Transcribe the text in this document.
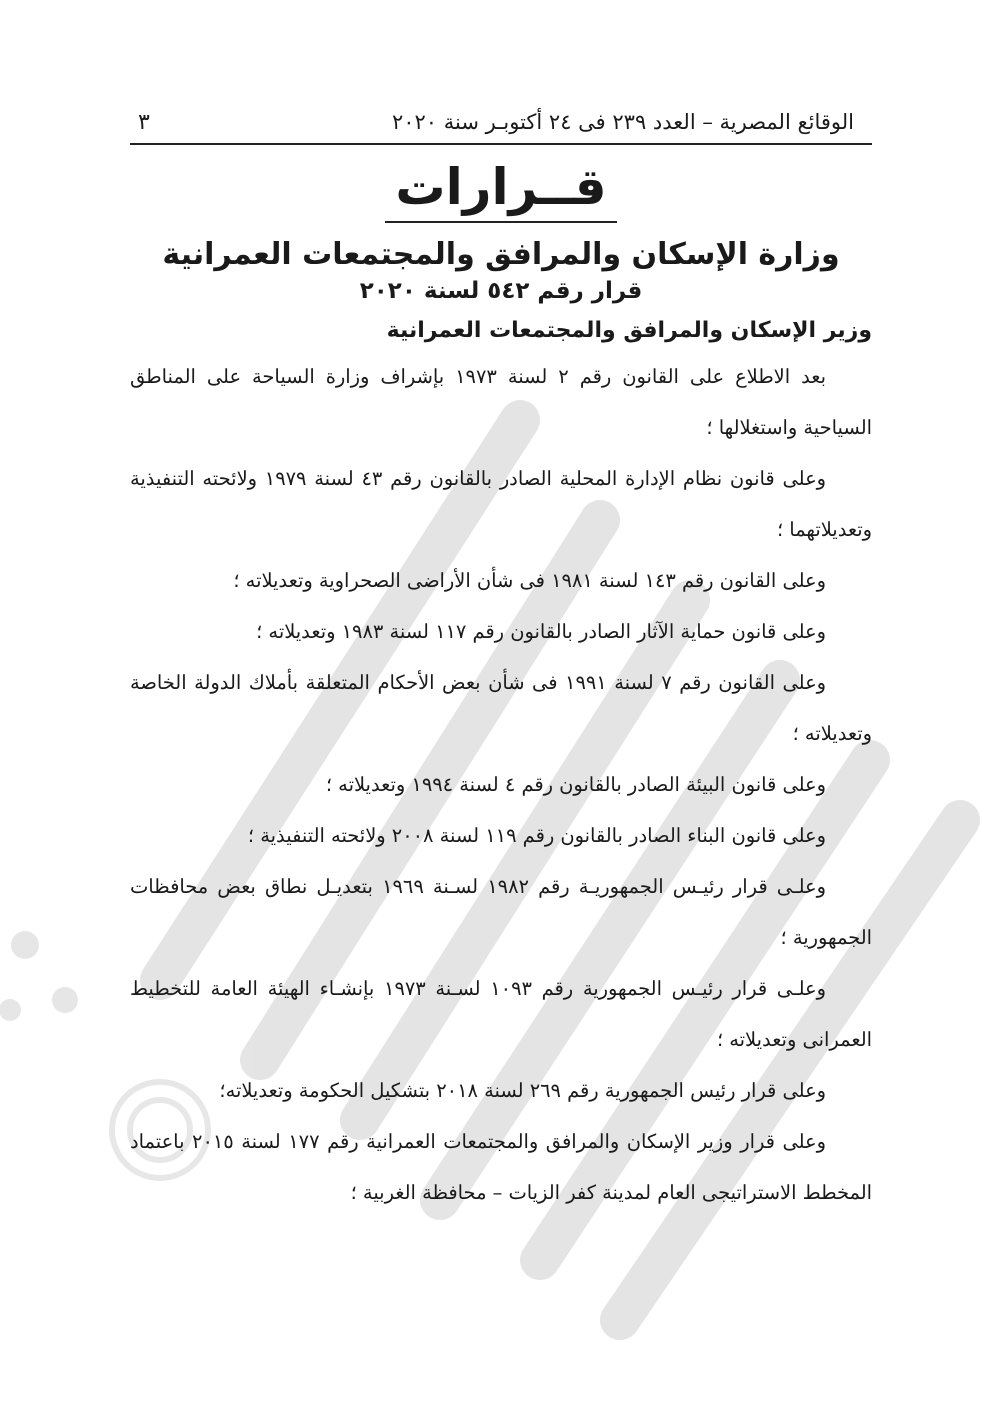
الوقائع المصرية – العدد ٢٣٩ فى ٢٤ أكتوبـر سنة ٢٠٢٠
٣
قــرارات
وزارة الإسكان والمرافق والمجتمعات العمرانية
قرار رقم ٥٤٢ لسنة ٢٠٢٠
وزير الإسكان والمرافق والمجتمعات العمرانية

بعد الاطلاع على القانون رقم ٢ لسنة ١٩٧٣ بإشراف وزارة السياحة على المناطق السياحية واستغلالها ؛

وعلى قانون نظام الإدارة المحلية الصادر بالقانون رقم ٤٣ لسنة ١٩٧٩ ولائحته التنفيذية وتعديلاتهما ؛

وعلى القانون رقم ١٤٣ لسنة ١٩٨١ فى شأن الأراضى الصحراوية وتعديلاته ؛

وعلى قانون حماية الآثار الصادر بالقانون رقم ١١٧ لسنة ١٩٨٣ وتعديلاته ؛

وعلى القانون رقم ٧ لسنة ١٩٩١ فى شأن بعض الأحكام المتعلقة بأملاك الدولة الخاصة وتعديلاته ؛

وعلى قانون البيئة الصادر بالقانون رقم ٤ لسنة ١٩٩٤ وتعديلاته ؛

وعلى قانون البناء الصادر بالقانون رقم ١١٩ لسنة ٢٠٠٨ ولائحته التنفيذية ؛

وعلـى قرار رئيـس الجمهوريـة رقم ١٩٨٢ لسـنة ١٩٦٩ بتعديـل نطاق بعض محافظات الجمهورية ؛

وعلـى قرار رئيـس الجمهورية رقم ١٠٩٣ لسـنة ١٩٧٣ بإنشـاء الهيئة العامة للتخطيط العمرانى وتعديلاته ؛

وعلى قرار رئيس الجمهورية رقم ٢٦٩ لسنة ٢٠١٨ بتشكيل الحكومة وتعديلاته؛

وعلى قرار وزير الإسكان والمرافق والمجتمعات العمرانية رقم ١٧٧ لسنة ٢٠١٥ باعتماد المخطط الاستراتيجى العام لمدينة كفر الزيات – محافظة الغربية ؛
